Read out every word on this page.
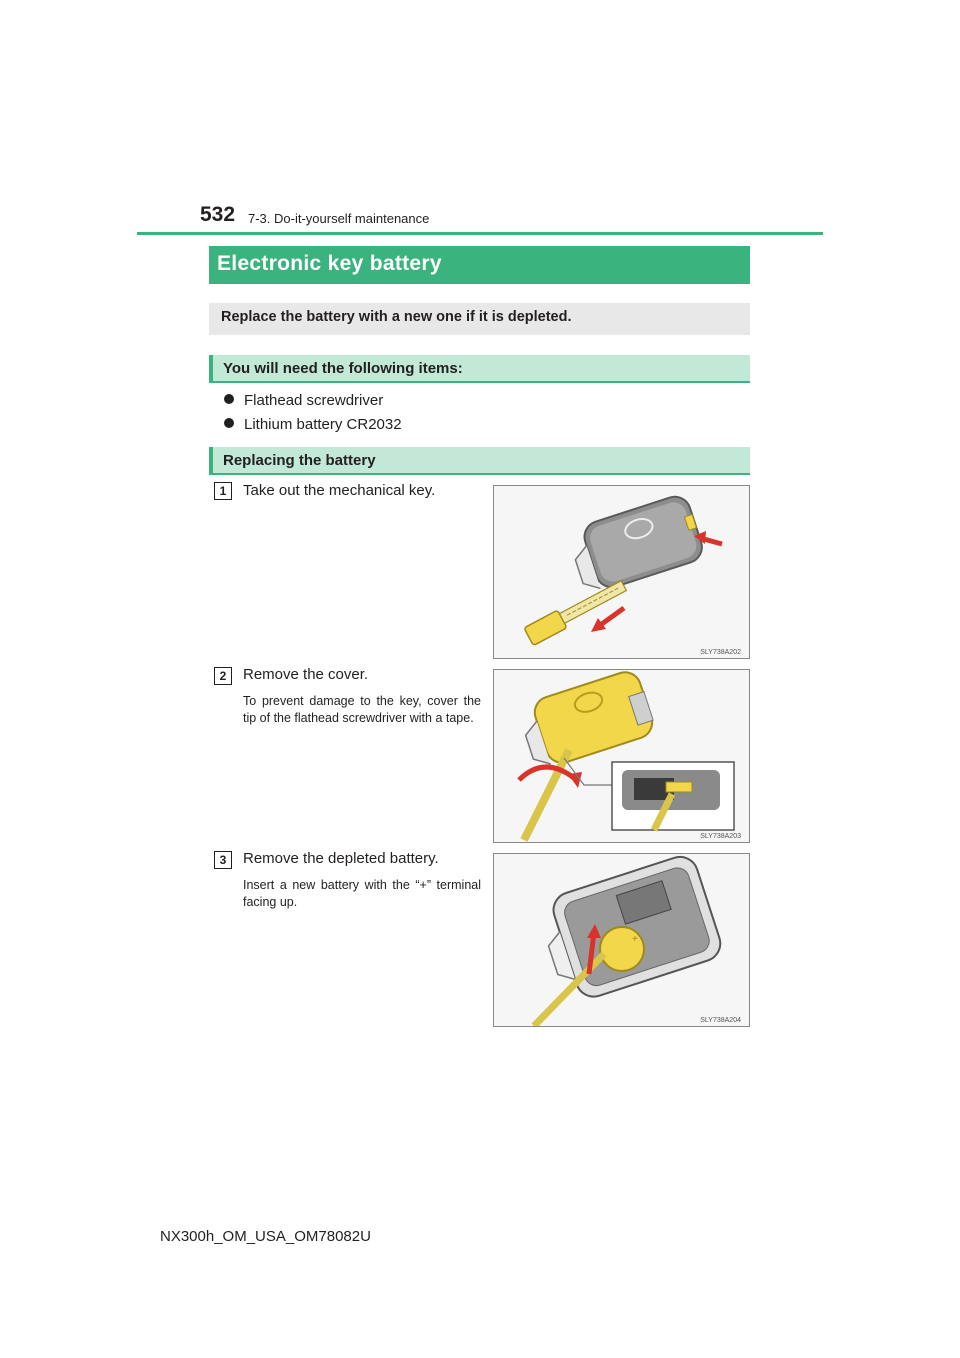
532 7-3. Do-it-yourself maintenance
Electronic key battery
Replace the battery with a new one if it is depleted.
You will need the following items:
Flathead screwdriver
Lithium battery CR2032
Replacing the battery
1	Take out the mechanical key.
SLY738A202
2	Remove the cover.
To prevent damage to the key, cover the tip of the flathead screwdriver with a tape.
SLY738A203
3	Remove the depleted battery.
Insert a new battery with the “+” terminal facing up.
+
SLY738A204
NX300h_OM_USA_OM78082U
